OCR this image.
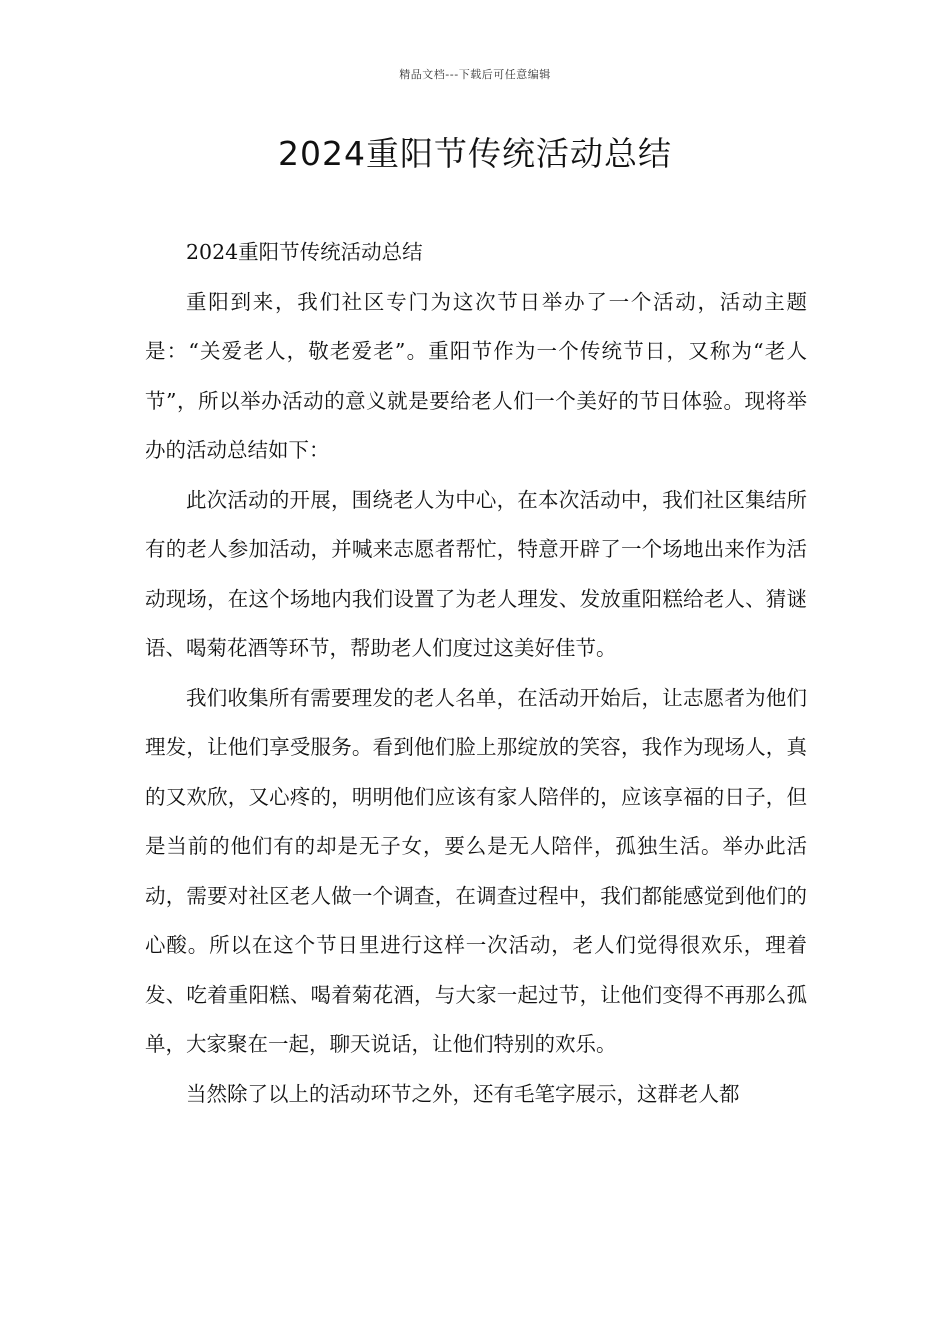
精品文档---下载后可任意编辑
2024重阳节传统活动总结

2024重阳节传统活动总结

重阳到来，我们社区专门为这次节日举办了一个活动，活动主题是：“关爱老人，敬老爱老”。重阳节作为一个传统节日，又称为“老人节”，所以举办活动的意义就是要给老人们一个美好的节日体验。现将举办的活动总结如下：

此次活动的开展，围绕老人为中心，在本次活动中，我们社区集结所有的老人参加活动，并喊来志愿者帮忙，特意开辟了一个场地出来作为活动现场，在这个场地内我们设置了为老人理发、发放重阳糕给老人、猜谜语、喝菊花酒等环节，帮助老人们度过这美好佳节。

我们收集所有需要理发的老人名单，在活动开始后，让志愿者为他们理发，让他们享受服务。看到他们脸上那绽放的笑容，我作为现场人，真的又欢欣，又心疼的，明明他们应该有家人陪伴的，应该享福的日子，但是当前的他们有的却是无子女，要么是无人陪伴，孤独生活。举办此活动，需要对社区老人做一个调查，在调查过程中，我们都能感觉到他们的心酸。所以在这个节日里进行这样一次活动，老人们觉得很欢乐，理着发、吃着重阳糕、喝着菊花酒，与大家一起过节，让他们变得不再那么孤单，大家聚在一起，聊天说话，让他们特别的欢乐。

当然除了以上的活动环节之外，还有毛笔字展示，这群老人都
